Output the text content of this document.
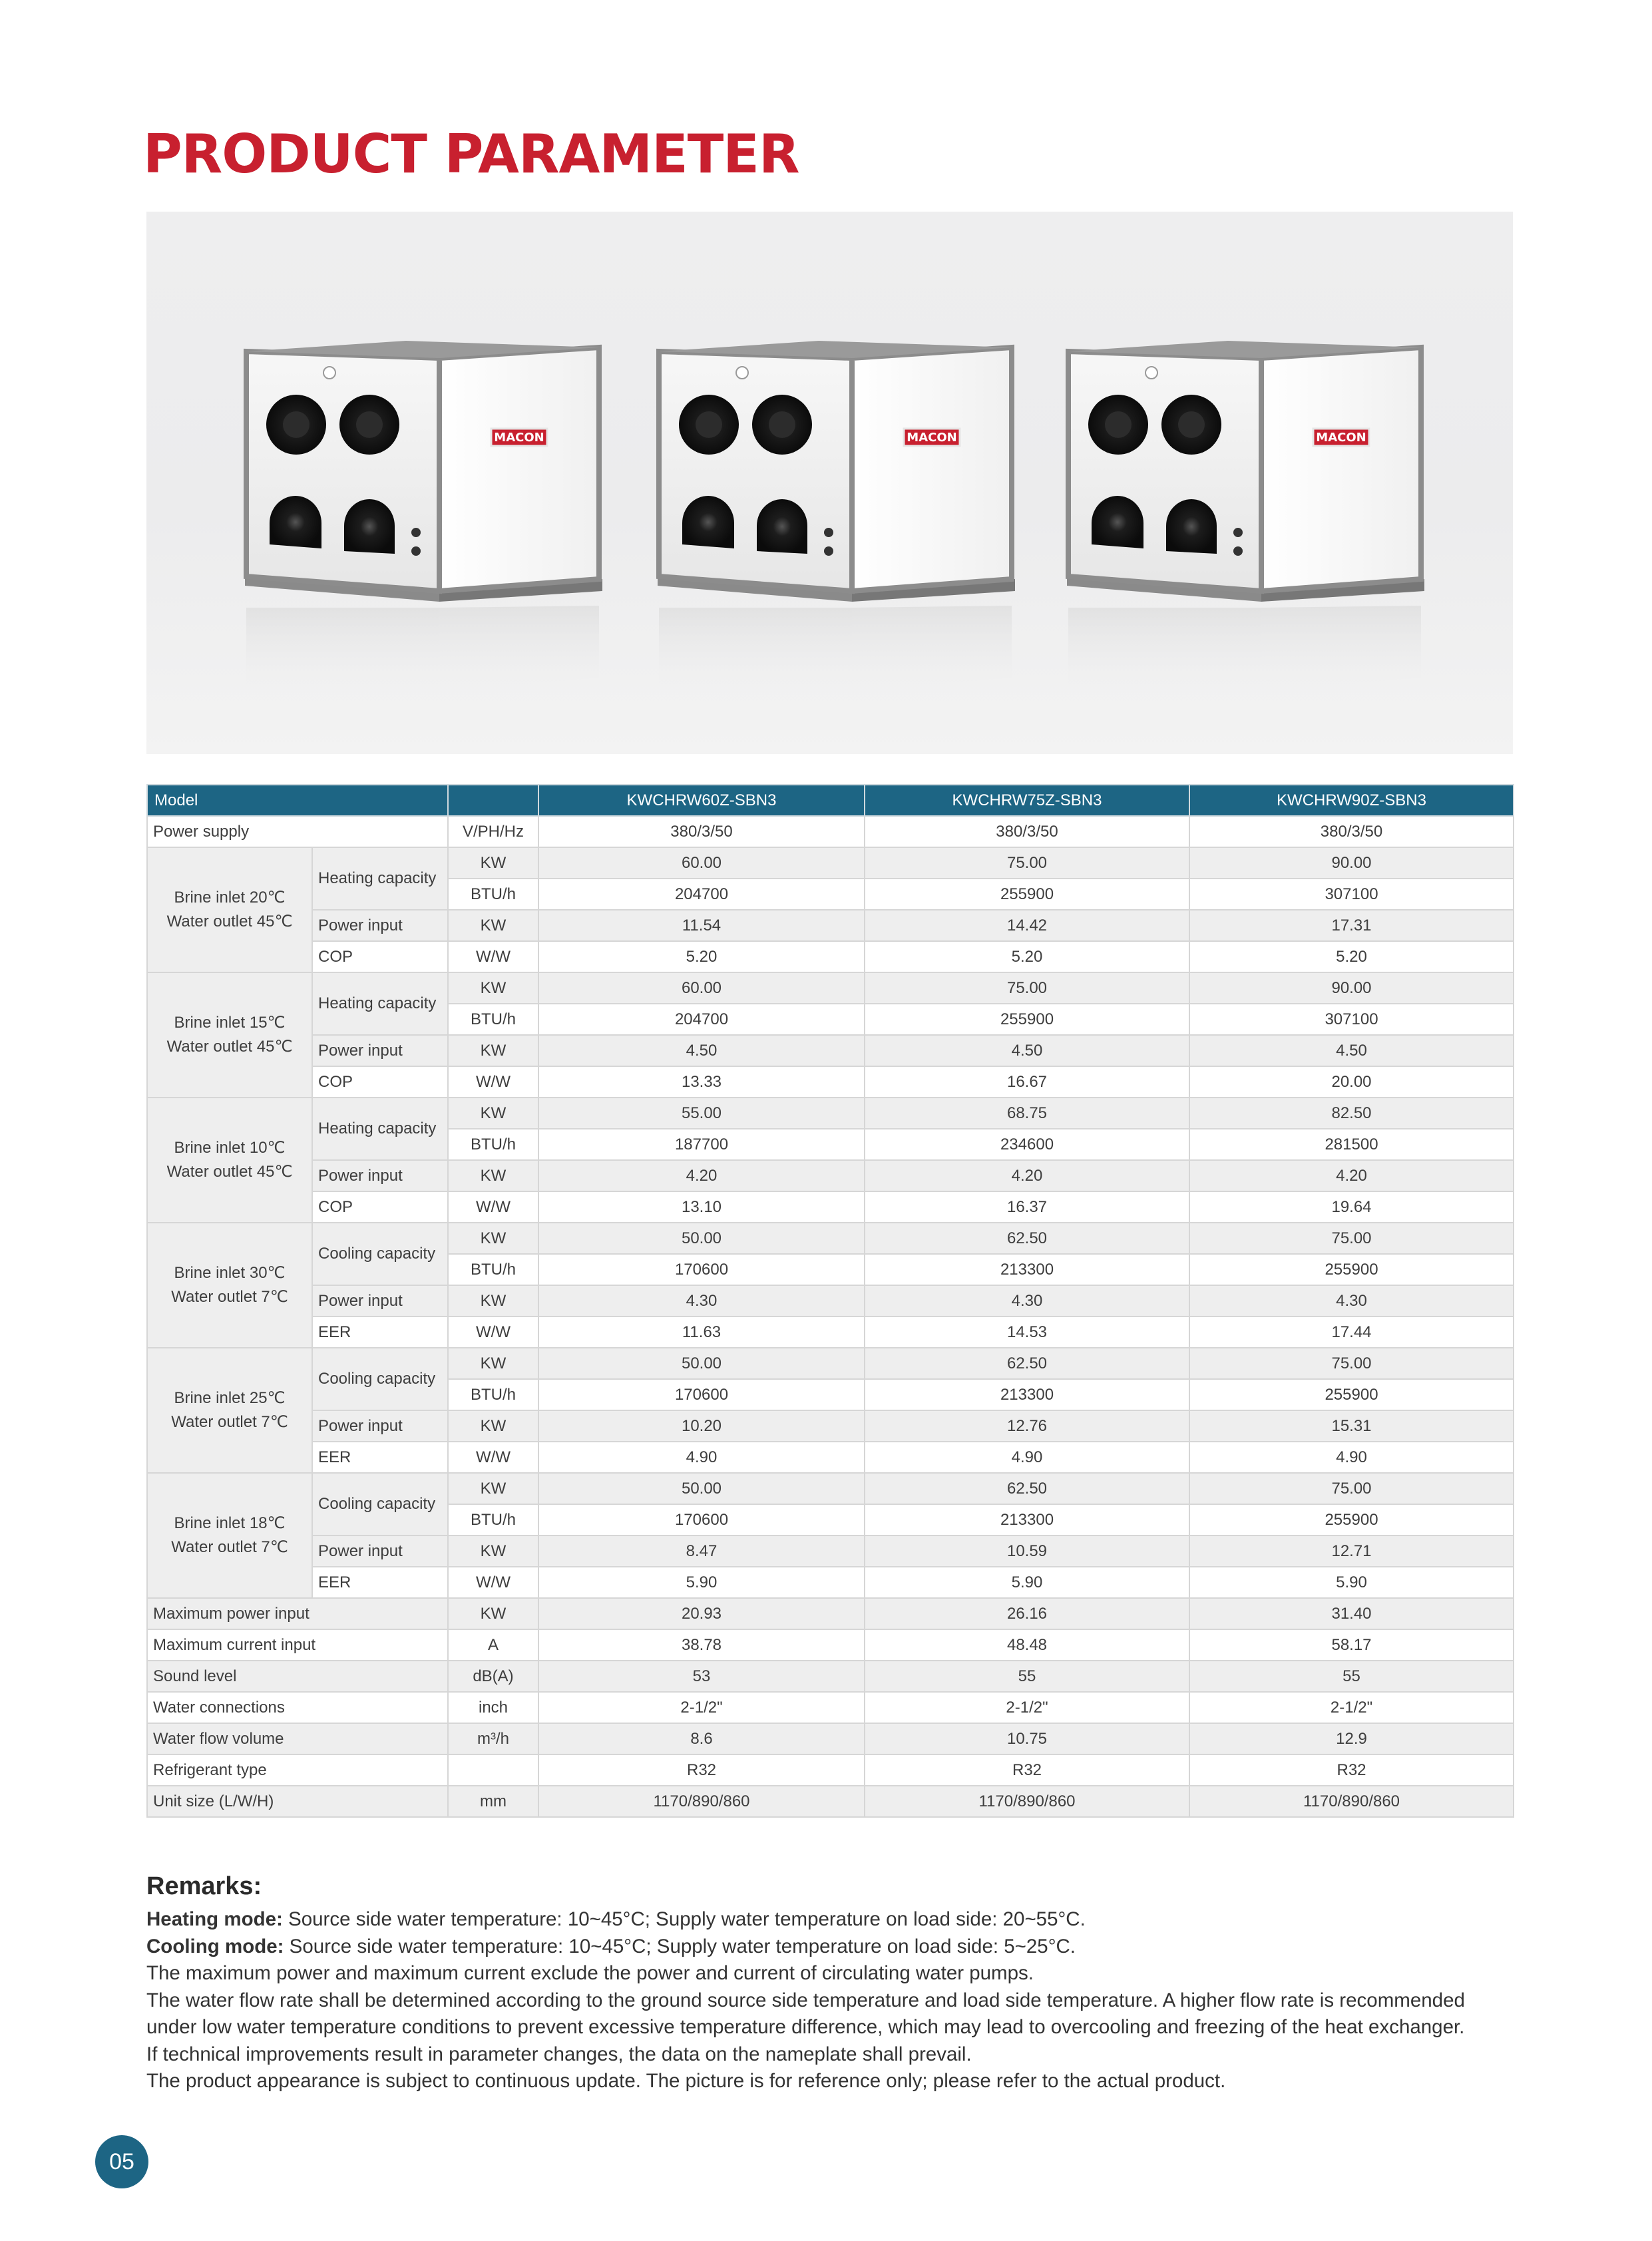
PRODUCT PARAMETER
MACON
Model			KWCHRW60Z-SBN3	KWCHRW75Z-SBN3	KWCHRW90Z-SBN3
Power supply		V/PH/Hz	380/3/50	380/3/50	380/3/50

Brine inlet 20℃
Water outlet 45℃	Heating capacity	KW	60.00	75.00	90.00
		BTU/h	204700	255900	307100
	Power input	KW	11.54	14.42	17.31
	COP	W/W	5.20	5.20	5.20

Brine inlet 15℃
Water outlet 45℃	Heating capacity	KW	60.00	75.00	90.00
		BTU/h	204700	255900	307100
	Power input	KW	4.50	4.50	4.50
	COP	W/W	13.33	16.67	20.00

Brine inlet 10℃
Water outlet 45℃	Heating capacity	KW	55.00	68.75	82.50
		BTU/h	187700	234600	281500
	Power input	KW	4.20	4.20	4.20
	COP	W/W	13.10	16.37	19.64

Brine inlet 30℃
Water outlet 7℃	Cooling capacity	KW	50.00	62.50	75.00
		BTU/h	170600	213300	255900
	Power input	KW	4.30	4.30	4.30
	EER	W/W	11.63	14.53	17.44

Brine inlet 25℃
Water outlet 7℃	Cooling capacity	KW	50.00	62.50	75.00
		BTU/h	170600	213300	255900
	Power input	KW	10.20	12.76	15.31
	EER	W/W	4.90	4.90	4.90

Brine inlet 18℃
Water outlet 7℃	Cooling capacity	KW	50.00	62.50	75.00
		BTU/h	170600	213300	255900
	Power input	KW	8.47	10.59	12.71
	EER	W/W	5.90	5.90	5.90
Maximum power input		KW	20.93	26.16	31.40
Maximum current input		A	38.78	48.48	58.17
Sound level		dB(A)	53	55	55
Water connections		inch	2-1/2"	2-1/2"	2-1/2"
Water flow volume		m³/h	8.6	10.75	12.9
Refrigerant type			R32	R32	R32
Unit size (L/W/H)		mm	1170/890/860	1170/890/860	1170/890/860
Remarks:

Heating mode: Source side water temperature: 10~45°C; Supply water temperature on load side: 20~55°C.

Cooling mode: Source side water temperature: 10~45°C; Supply water temperature on load side: 5~25°C.

The maximum power and maximum current exclude the power and current of circulating water pumps.

The water flow rate shall be determined according to the ground source side temperature and load side temperature. A higher flow rate is recommended under low water temperature conditions to prevent excessive temperature difference, which may lead to overcooling and freezing of the heat exchanger.

If technical improvements result in parameter changes, the data on the nameplate shall prevail.

The product appearance is subject to continuous update. The picture is for reference only; please refer to the actual product.

05
